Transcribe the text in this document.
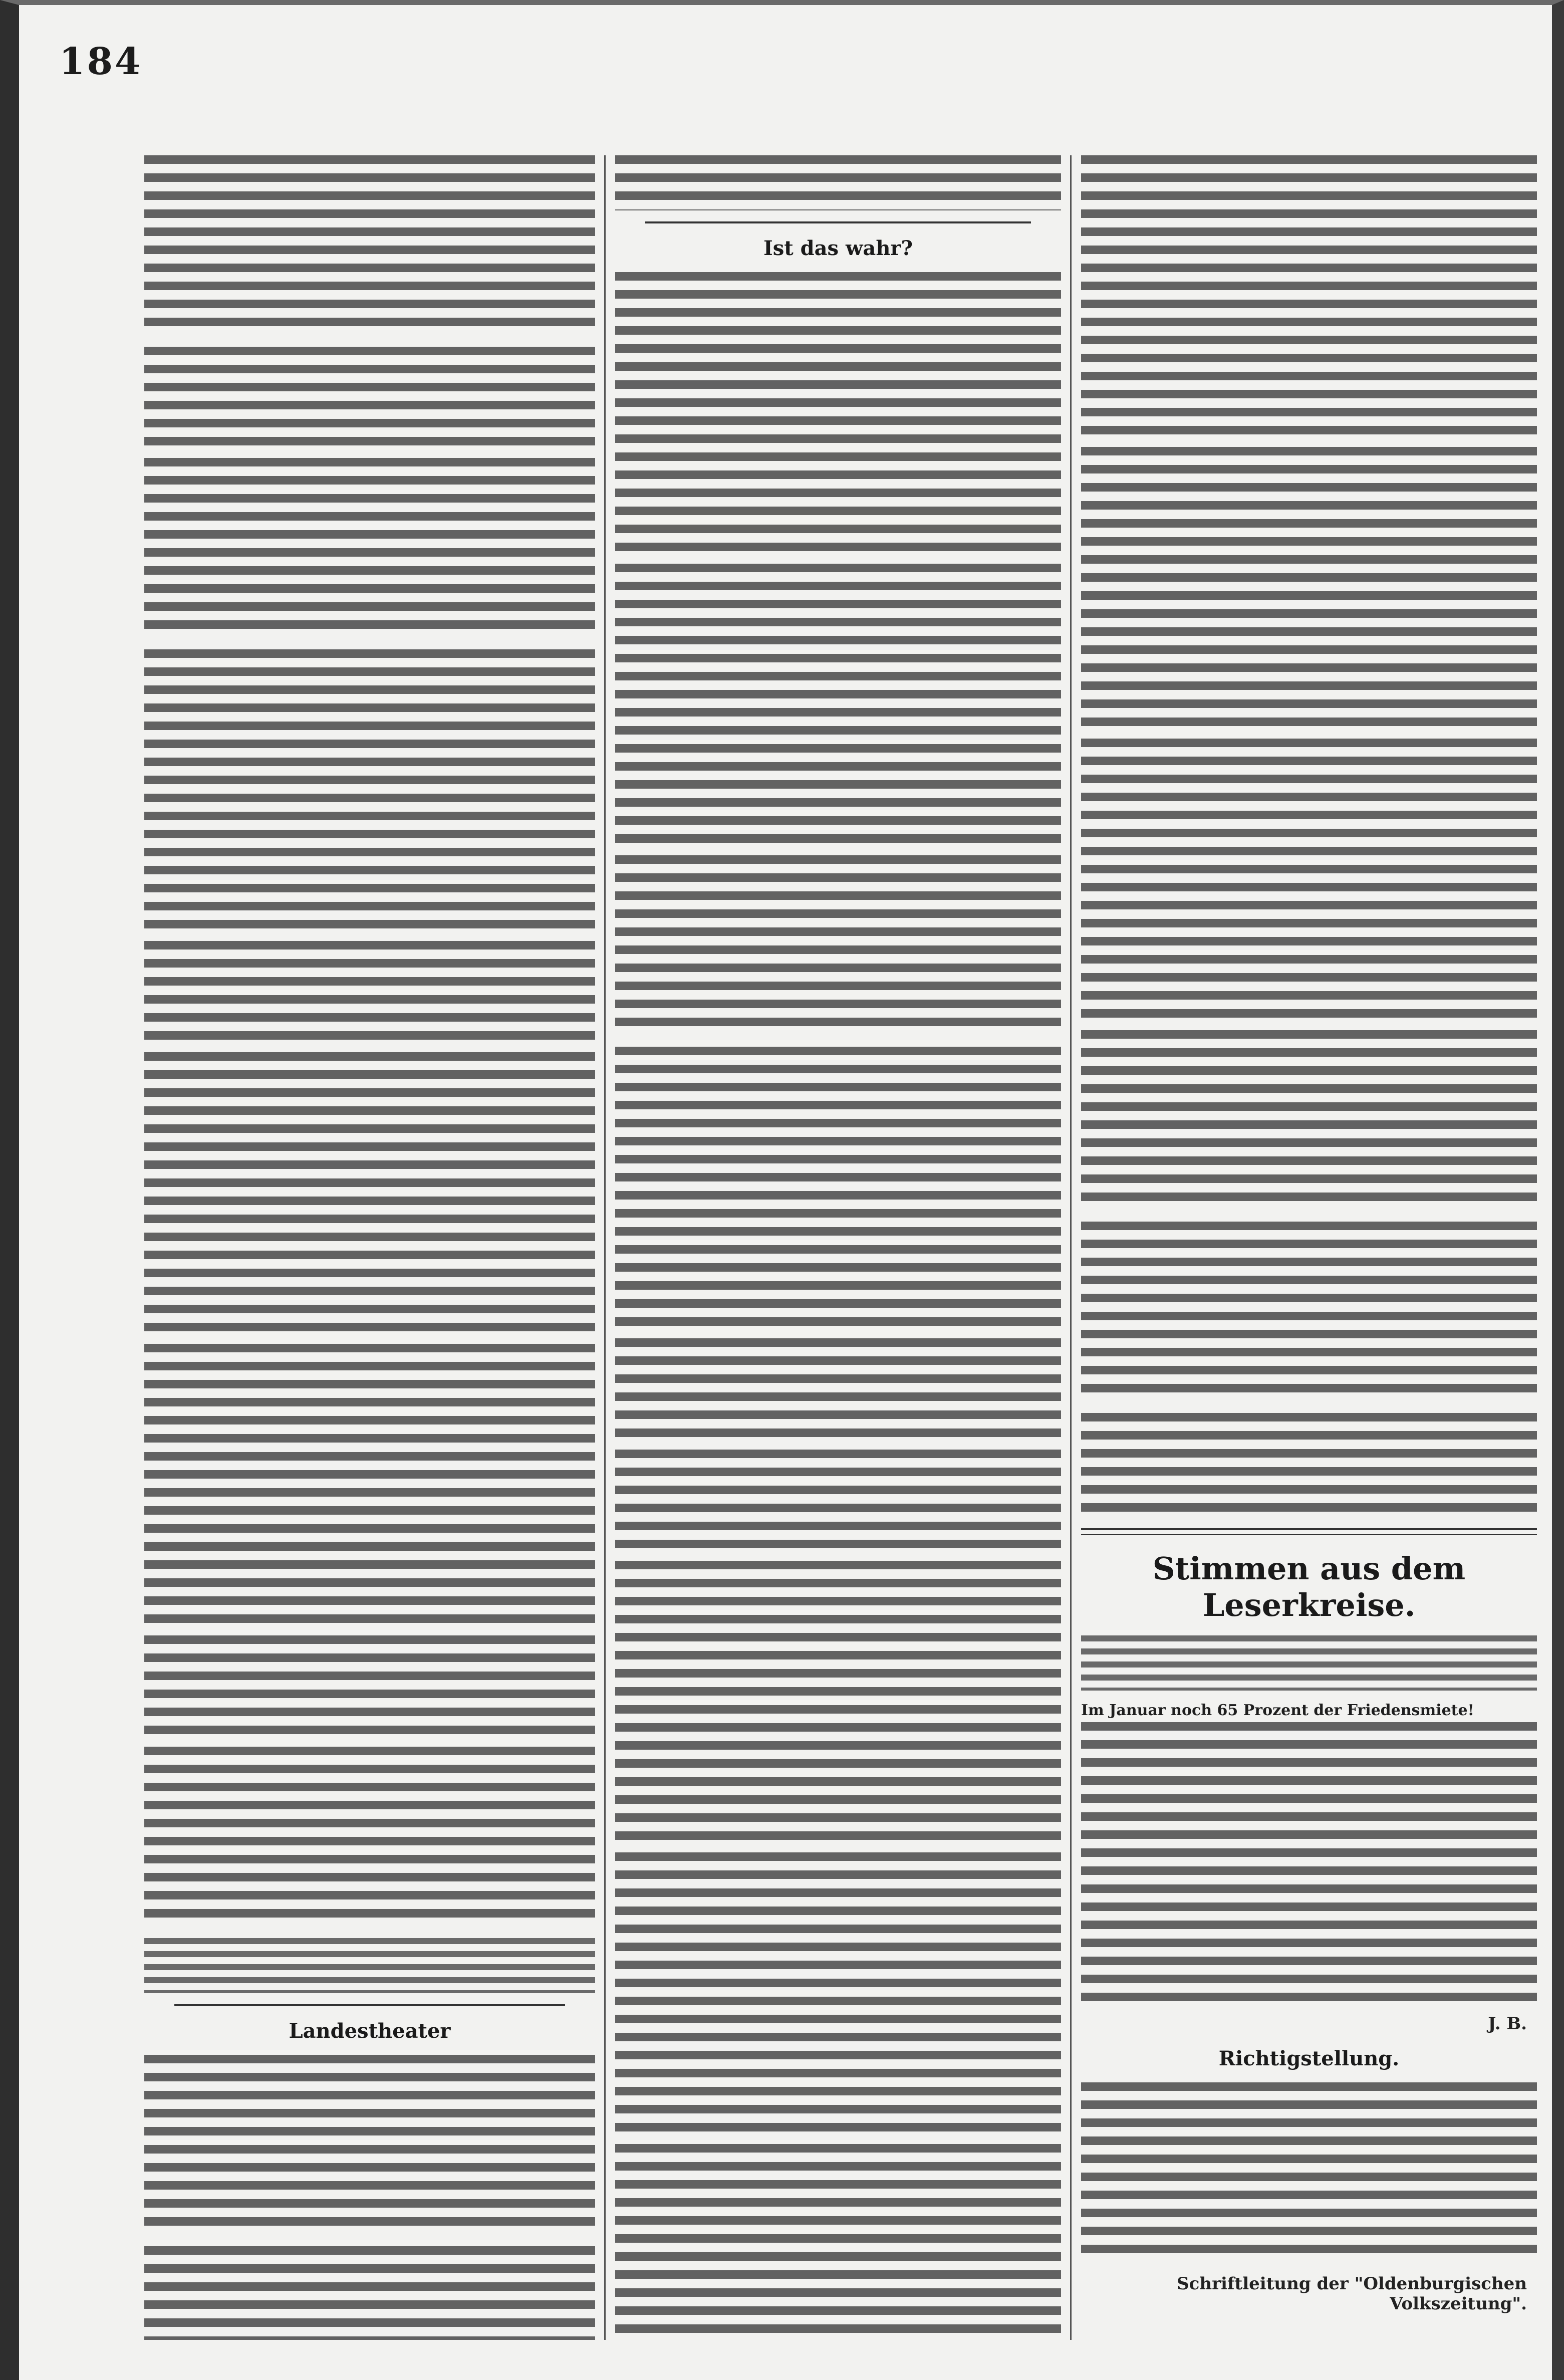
184
Landestheater
Ist das wahr?
Stimmen aus dem Leserkreise.
Im Januar noch 65 Prozent der Friedensmiete!
J. B.
Richtigstellung.
Schriftleitung der "Oldenburgischen Volkszeitung".
